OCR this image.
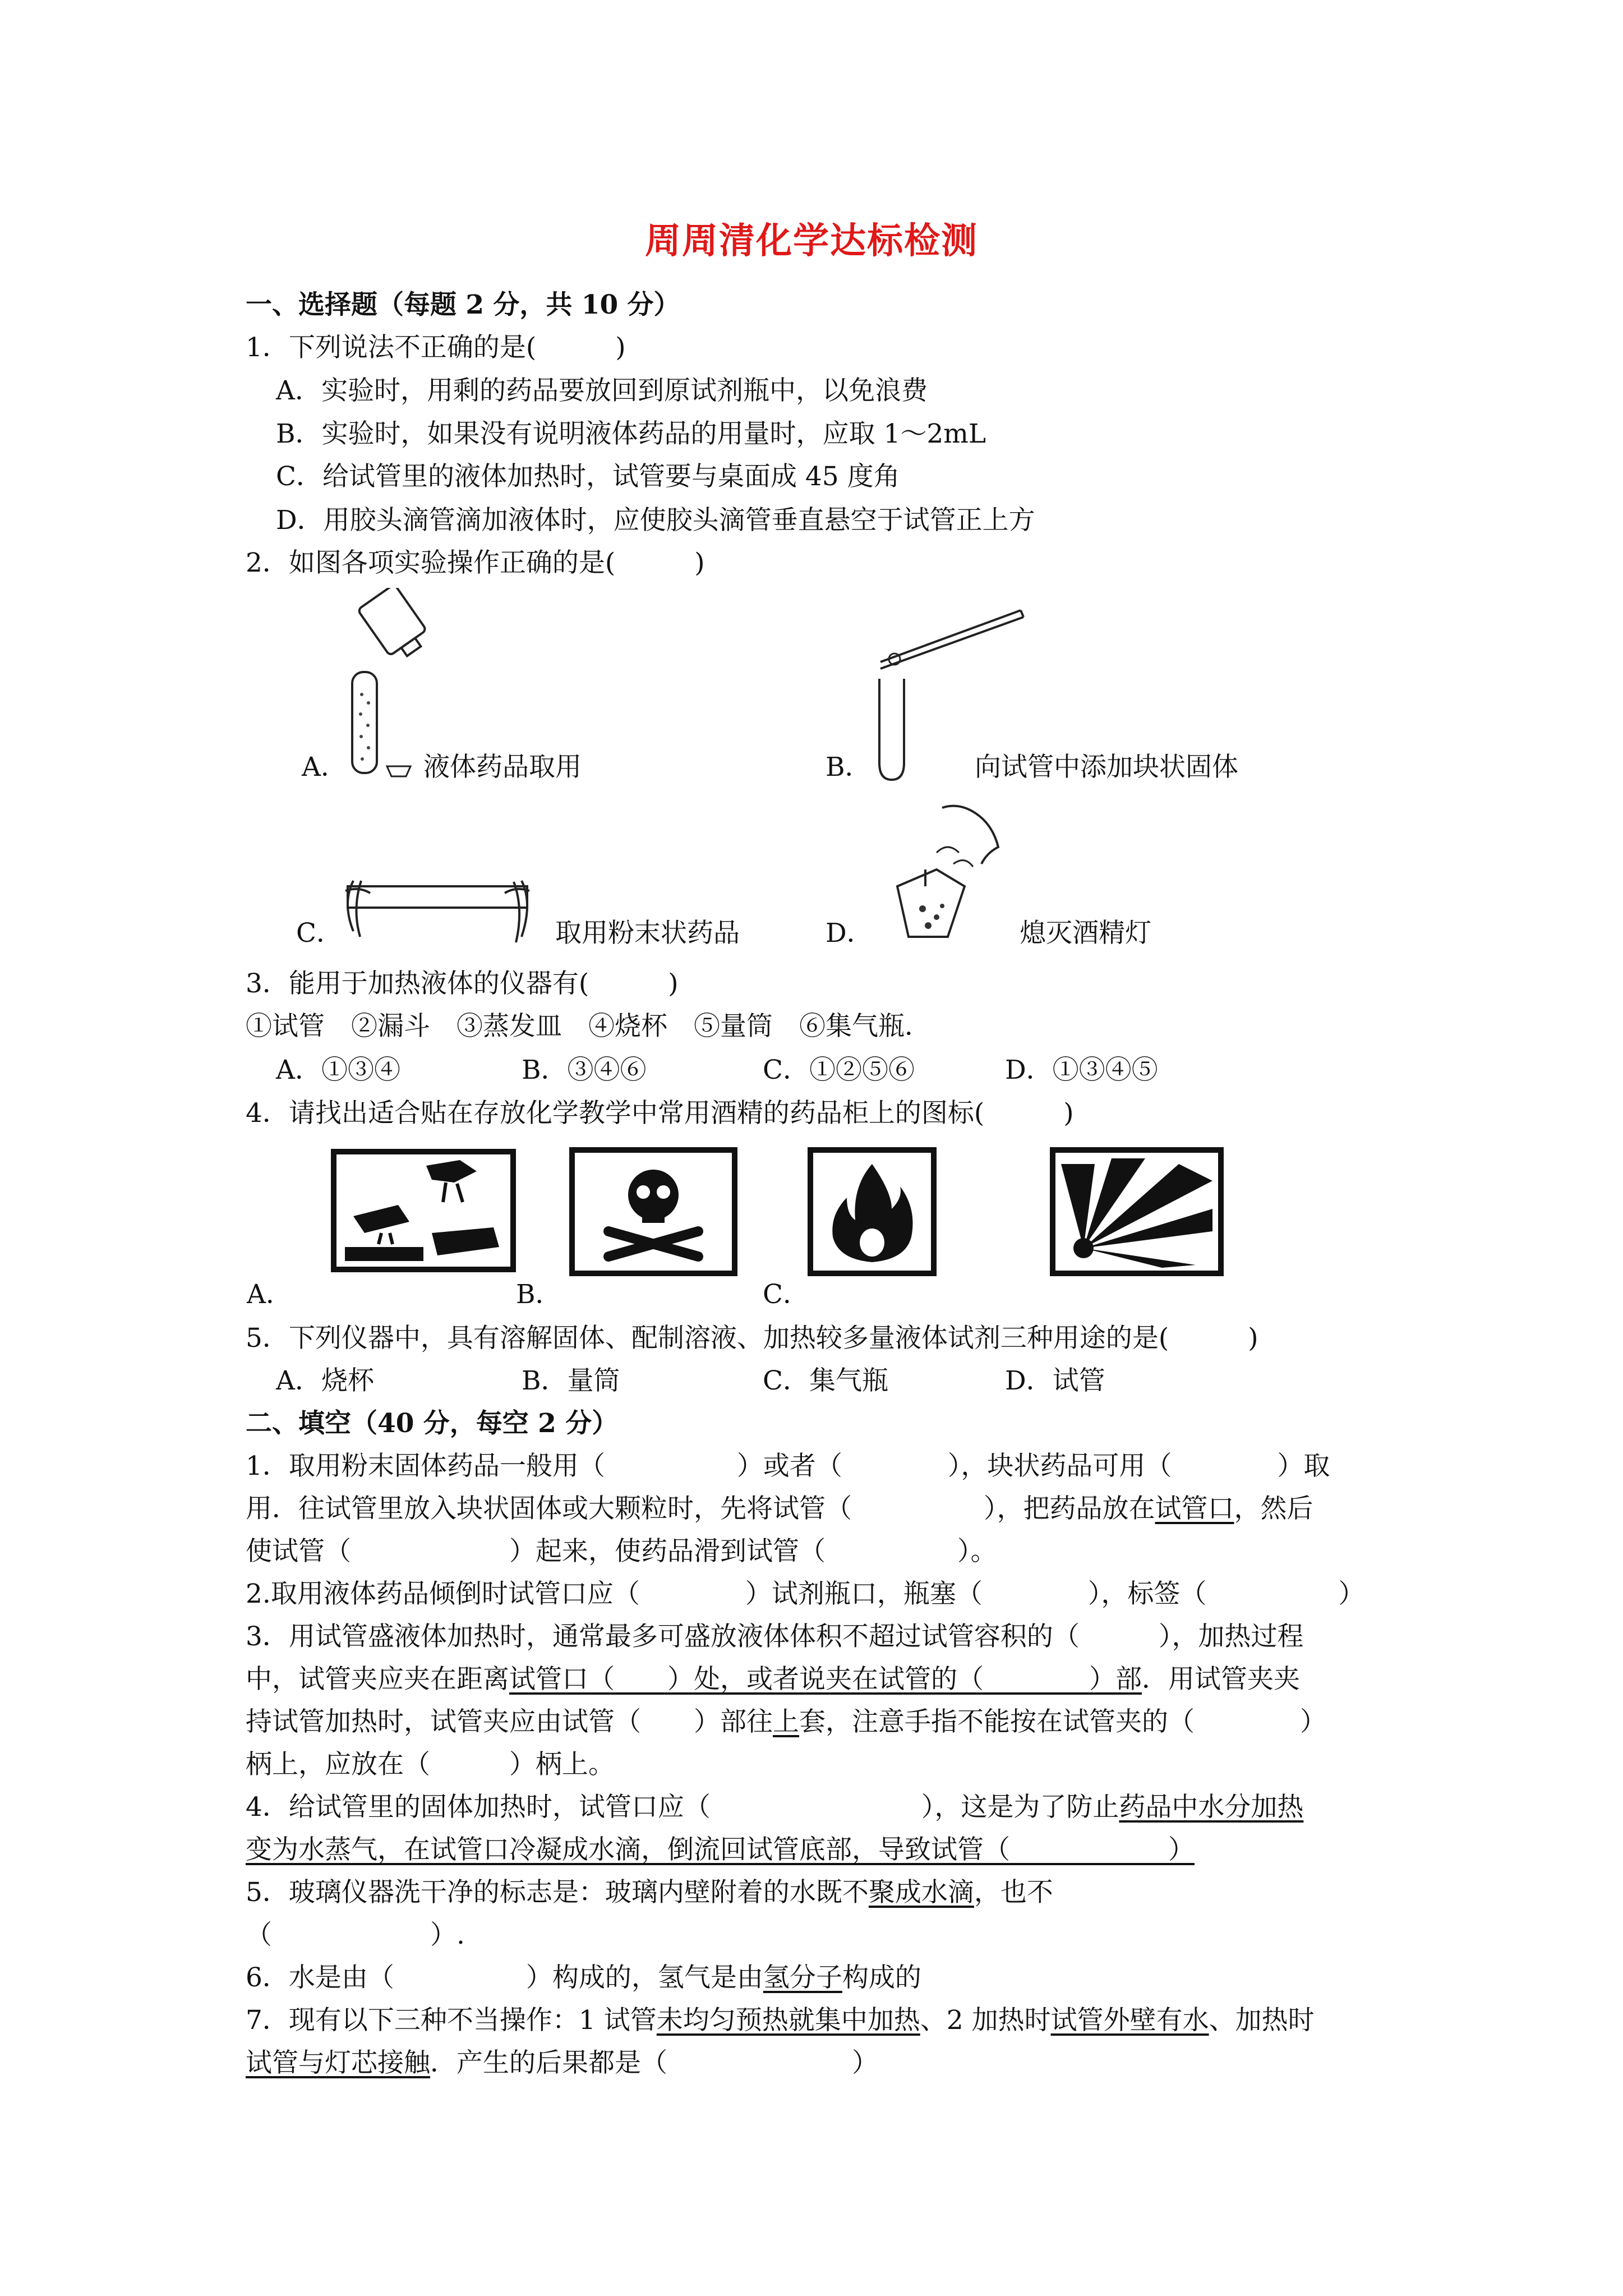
周周清化学达标检测
一、选择题（每题 2 分，共 10 分）
1．下列说法不正确的是(　　　)
A．实验时，用剩的药品要放回到原试剂瓶中，以免浪费
B．实验时，如果没有说明液体药品的用量时，应取 1～2mL
C．给试管里的液体加热时，试管要与桌面成 45 度角
D．用胶头滴管滴加液体时，应使胶头滴管垂直悬空于试管正上方
2．如图各项实验操作正确的是(　　　)
A．	液体药品取用	B．	向试管中添加块状固体
C．	取用粉末状药品	D．	熄灭酒精灯
3．能用于加热液体的仪器有(　　　)
①试管　②漏斗　③蒸发皿　④烧杯　⑤量筒　⑥集气瓶．
A．①③④	B．③④⑥	C．①②⑤⑥	D．①③④⑤
4．请找出适合贴在存放化学教学中常用酒精的药品柜上的图标(　　　)
A．	B．	C．
5．下列仪器中，具有溶解固体、配制溶液、加热较多量液体试剂三种用途的是(　　　)
A．烧杯	B．量筒	C．集气瓶	D．试管
二、填空（40 分，每空 2 分）
1．取用粉末固体药品一般用（　　　　　）或者（　　　　），块状药品可用（　　　　）取
用．往试管里放入块状固体或大颗粒时，先将试管（　　　　　），把药品放在试管口，然后
使试管（　　　　　　）起来，使药品滑到试管（　　　　　）。
2.取用液体药品倾倒时试管口应（　　　　）试剂瓶口，瓶塞（　　　　），标签（　　　　　）
3．用试管盛液体加热时，通常最多可盛放液体体积不超过试管容积的（　　　），加热过程
中，试管夹应夹在距离试管口（　　）处，或者说夹在试管的（　　　　）部．用试管夹夹
持试管加热时，试管夹应由试管（　　）部往上套，注意手指不能按在试管夹的（　　　　）
柄上，应放在（　　　）柄上。
4．给试管里的固体加热时，试管口应（　　　　　　　　），这是为了防止药品中水分加热
变为水蒸气，在试管口冷凝成水滴，倒流回试管底部，导致试管（　　　　　　）
5．玻璃仪器洗干净的标志是：玻璃内壁附着的水既不聚成水滴，也不
（　　　　　　）.
6．水是由（　　　　　）构成的，氢气是由氢分子构成的
7．现有以下三种不当操作：1 试管未均匀预热就集中加热、2 加热时试管外壁有水、加热时
试管与灯芯接触．产生的后果都是（　　　　　　　）
